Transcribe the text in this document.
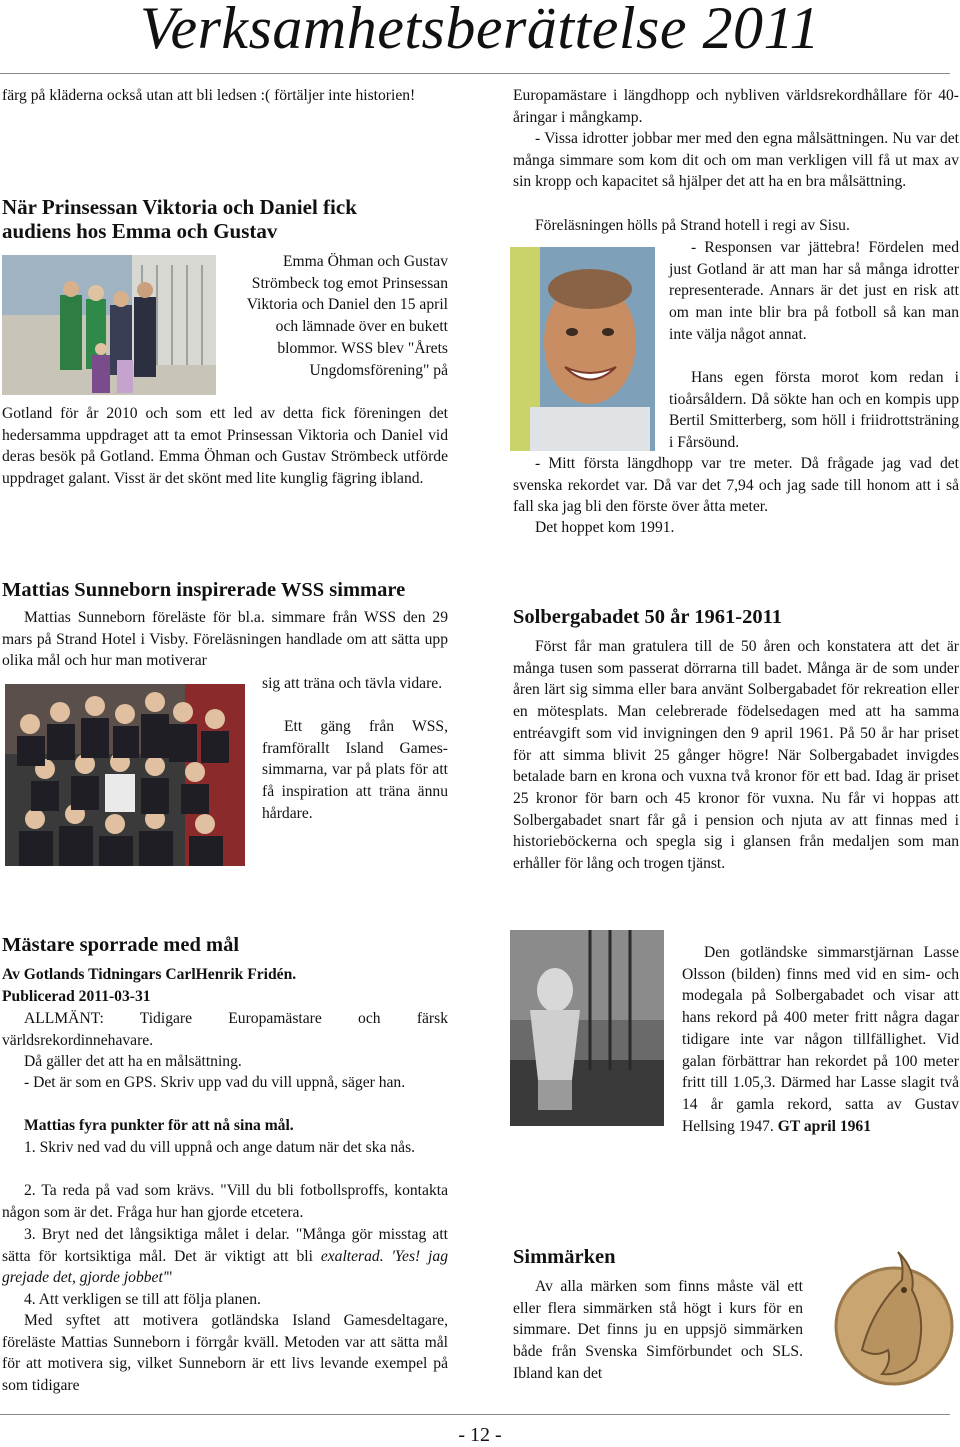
Verksamhetsberättelse 2011

färg på kläderna också utan att bli ledsen :( förtäljer inte historien!

När Prinsessan Viktoria och Daniel fick audiens hos Emma och Gustav

Emma Öhman och Gustav Strömbeck tog emot Prinsessan Viktoria och Daniel den 15 april och lämnade över en bukett blommor. WSS blev "Årets Ungdomsförening" på

Gotland för år 2010 och som ett led av detta fick föreningen det hedersamma uppdraget att ta emot Prinsessan Viktoria och Daniel vid deras besök på Gotland. Emma Öhman och Gustav Strömbeck utförde uppdraget galant. Visst är det skönt med lite kunglig fägring ibland.

Mattias Sunneborn inspirerade WSS simmare

Mattias Sunneborn föreläste för bl.a. simmare från WSS den 29 mars på Strand Hotel i Visby. Föreläsningen handlade om att sätta upp olika mål och hur man motiverar

sig att träna och tävla vidare.

Ett gäng från WSS, framförallt Island Games-simmarna, var på plats för att få inspiration att träna ännu hårdare.

Mästare sporrade med mål

Av Gotlands Tidningars CarlHenrik Fridén.

Publicerad 2011-03-31

ALLMÄNT: Tidigare Europamästare och färsk världsrekordinnehavare.

Då gäller det att ha en målsättning.

- Det är som en GPS. Skriv upp vad du vill uppnå, säger han.

Mattias fyra punkter för att nå sina mål.

1. Skriv ned vad du vill uppnå och ange datum när det ska nås.

2. Ta reda på vad som krävs. "Vill du bli fotbollsproffs, kontakta någon som är det. Fråga hur han gjorde etcetera.

3. Bryt ned det långsiktiga målet i delar. "Många gör misstag att sätta för kortsiktiga mål. Det är viktigt att bli exalterad. 'Yes! jag grejade det, gjorde jobbet'"

4. Att verkligen se till att följa planen.

Med syftet att motivera gotländska Island Gamesdeltagare, föreläste Mattias Sunneborn i förrgår kväll. Metoden var att sätta mål för att motivera sig, vilket Sunneborn är ett livs levande exempel på som tidigare

Europamästare i längdhopp och nybliven världsrekordhållare för 40-åringar i mångkamp.

- Vissa idrotter jobbar mer med den egna målsättningen. Nu var det många simmare som kom dit och om man verkligen vill få ut max av sin kropp och kapacitet så hjälper det att ha en bra målsättning.

Föreläsningen hölls på Strand hotell i regi av Sisu.

- Responsen var jättebra! Fördelen med just Gotland är att man har så många idrotter representerade. Annars är det just en risk att om man inte blir bra på fotboll så kan man inte välja något annat.

Hans egen första morot kom redan i tioårsåldern. Då sökte han och en kompis upp Bertil Smitterberg, som höll i friidrottsträning i Fårsöund.

- Mitt första längdhopp var tre meter. Då frågade jag vad det svenska rekordet var. Då var det 7,94 och jag sade till honom att i så fall ska jag bli den förste över åtta meter.

Det hoppet kom 1991.

Solbergabadet 50 år 1961-2011

Först får man gratulera till de 50 åren och konstatera att det är många tusen som passerat dörrarna till badet. Många är de som under åren lärt sig simma eller bara använt Solbergabadet för rekreation eller en mötesplats. Man celebrerade födelsedagen med att ha samma entréavgift som vid invigningen den 9 april 1961. På 50 år har priset för att simma blivit 25 gånger högre! När Solbergabadet invigdes betalade barn en krona och vuxna två kronor för ett bad. Idag är priset 25 kronor för barn och 45 kronor för vuxna. Nu får vi hoppas att Solbergabadet snart får gå i pension och njuta av att finnas med i historieböckerna och spegla sig i glansen från medaljen som man erhåller för lång och trogen tjänst.

Den gotländske simmarstjärnan Lasse Olsson (bilden) finns med vid en sim- och modegala på Solbergabadet och visar att hans rekord på 400 meter fritt några dagar tidigare inte var någon tillfällighet. Vid galan förbättrar han rekordet på 100 meter fritt till 1.05,3. Därmed har Lasse slagit två 14 år gamla rekord, satta av Gustav Hellsing 1947. GT april 1961

Simmärken

Av alla märken som finns måste väl ett eller flera simmärken stå högt i kurs för en simmare. Det finns ju en uppsjö simmärken både från Svenska Simförbundet och SLS. Ibland kan det

- 12 -
